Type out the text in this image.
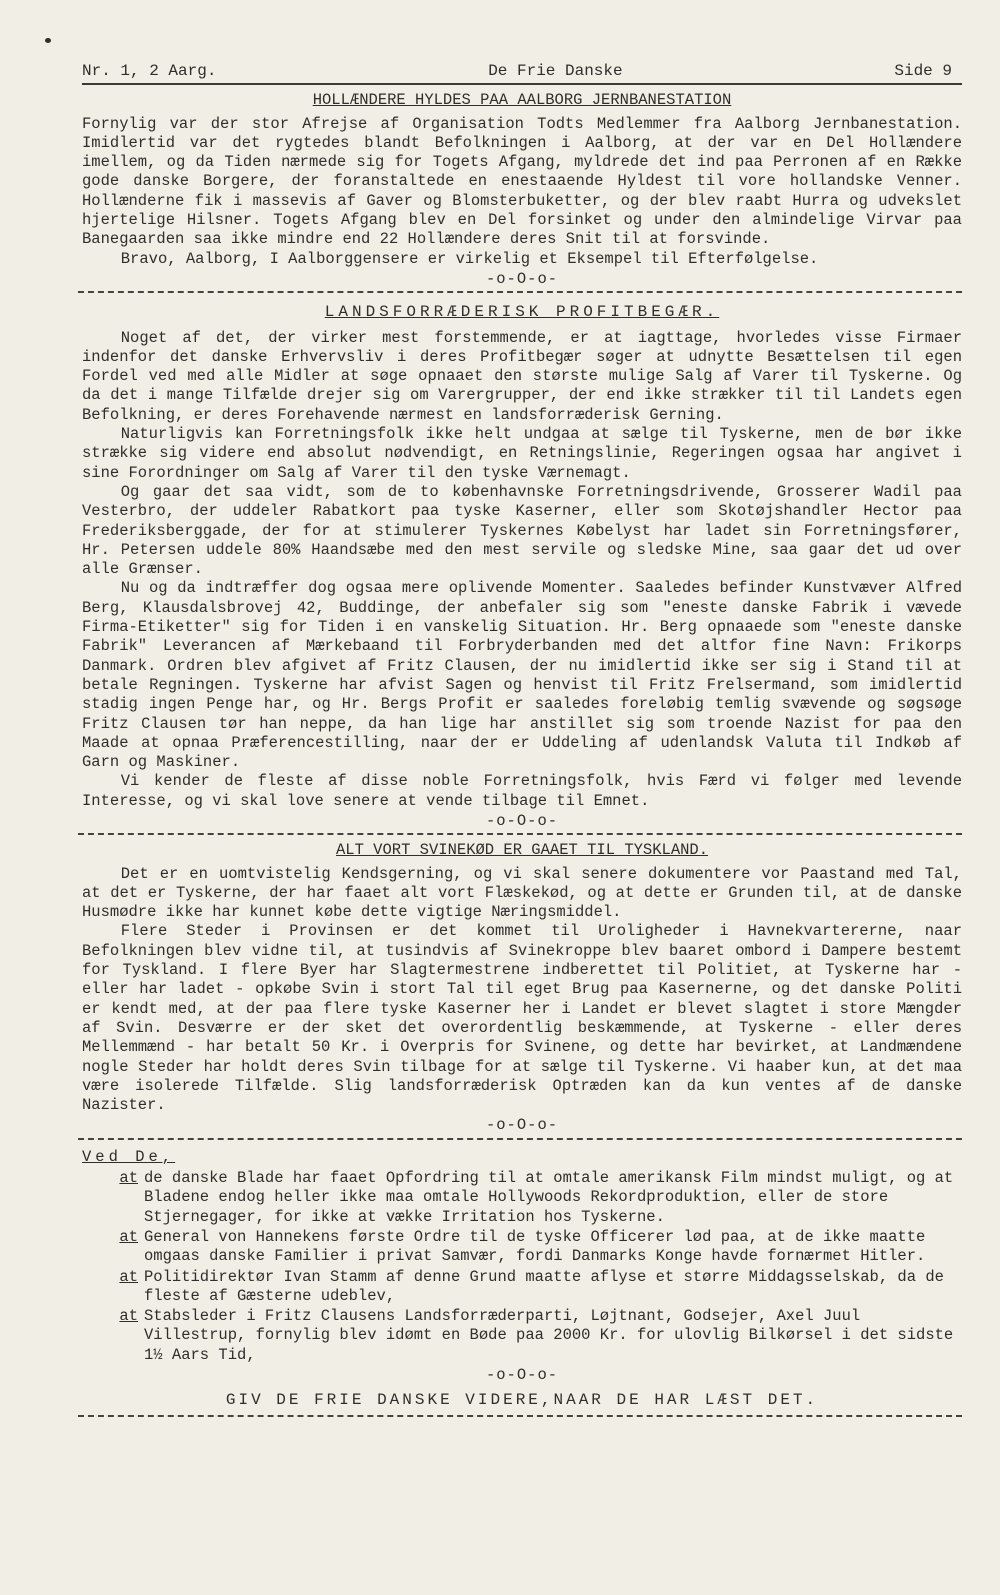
Nr. 1, 2 Aarg.	De Frie Danske	Side 9
HOLLÆNDERE HYLDES PAA AALBORG JERNBANESTATION

Fornylig var der stor Afrejse af Organisation Todts Medlemmer fra Aalborg Jernbanestation. Imidlertid var det rygtedes blandt Befolkningen i Aalborg, at der var en Del Hollændere imellem, og da Tiden nærmede sig for Togets Afgang, myldrede det ind paa Perronen af en Række gode danske Borgere, der foranstaltede en enestaaende Hyldest til vore hollandske Venner. Hollænderne fik i massevis af Gaver og Blomsterbuketter, og der blev raabt Hurra og udvekslet hjertelige Hilsner. Togets Afgang blev en Del forsinket og under den almindelige Virvar paa Banegaarden saa ikke mindre end 22 Hollændere deres Snit til at forsvinde.

Bravo, Aalborg, I Aalborggensere er virkelig et Eksempel til Efterfølgelse.

-o-O-o-
LANDSFORRÆDERISK PROFITBEGÆR.

Noget af det, der virker mest forstemmende, er at iagttage, hvorledes visse Firmaer indenfor det danske Erhvervsliv i deres Profitbegær søger at udnytte Besættelsen til egen Fordel ved med alle Midler at søge opnaaet den største mulige Salg af Varer til Tyskerne. Og da det i mange Tilfælde drejer sig om Varergrupper, der end ikke strækker til til Landets egen Befolkning, er deres Forehavende nærmest en landsforræderisk Gerning.

Naturligvis kan Forretningsfolk ikke helt undgaa at sælge til Tyskerne, men de bør ikke strække sig videre end absolut nødvendigt, en Retningslinie, Regeringen ogsaa har angivet i sine Forordninger om Salg af Varer til den tyske Værnemagt.

Og gaar det saa vidt, som de to københavnske Forretningsdrivende, Grosserer Wadil paa Vesterbro, der uddeler Rabatkort paa tyske Kaserner, eller som Skotøjshandler Hector paa Frederiksberggade, der for at stimulerer Tyskernes Købelyst har ladet sin Forretningsfører, Hr. Petersen uddele 80% Haandsæbe med den mest servile og sledske Mine, saa gaar det ud over alle Grænser.

Nu og da indtræffer dog ogsaa mere oplivende Momenter. Saaledes befinder Kunstvæver Alfred Berg, Klausdalsbrovej 42, Buddinge, der anbefaler sig som "eneste danske Fabrik i vævede Firma-Etiketter" sig for Tiden i en vanskelig Situation. Hr. Berg opnaaede som "eneste danske Fabrik" Leverancen af Mærkebaand til Forbryderbanden med det altfor fine Navn: Frikorps Danmark. Ordren blev afgivet af Fritz Clausen, der nu imidlertid ikke ser sig i Stand til at betale Regningen. Tyskerne har afvist Sagen og henvist til Fritz Frelsermand, som imidlertid stadig ingen Penge har, og Hr. Bergs Profit er saaledes foreløbig temlig svævende og søgsøge Fritz Clausen tør han neppe, da han lige har anstillet sig som troende Nazist for paa den Maade at opnaa Præferencestilling, naar der er Uddeling af udenlandsk Valuta til Indkøb af Garn og Maskiner.

Vi kender de fleste af disse noble Forretningsfolk, hvis Færd vi følger med levende Interesse, og vi skal love senere at vende tilbage til Emnet.

-o-O-o-
ALT VORT SVINEKØD ER GAAET TIL TYSKLAND.

Det er en uomtvistelig Kendsgerning, og vi skal senere dokumentere vor Paastand med Tal, at det er Tyskerne, der har faaet alt vort Flæskekød, og at dette er Grunden til, at de danske Husmødre ikke har kunnet købe dette vigtige Næringsmiddel.

Flere Steder i Provinsen er det kommet til Uroligheder i Havnekvartererne, naar Befolkningen blev vidne til, at tusindvis af Svinekroppe blev baaret ombord i Dampere bestemt for Tyskland. I flere Byer har Slagtermestrene indberettet til Politiet, at Tyskerne har - eller har ladet - opkøbe Svin i stort Tal til eget Brug paa Kasernerne, og det danske Politi er kendt med, at der paa flere tyske Kaserner her i Landet er blevet slagtet i store Mængder af Svin. Desværre er der sket det overordentlig beskæmmende, at Tyskerne - eller deres Mellemmænd - har betalt 50 Kr. i Overpris for Svinene, og dette har bevirket, at Landmændene nogle Steder har holdt deres Svin tilbage for at sælge til Tyskerne. Vi haaber kun, at det maa være isolerede Tilfælde. Slig landsforræderisk Optræden kan da kun ventes af de danske Nazister.

-o-O-o-
Ved De,
at de danske Blade har faaet Opfordring til at omtale amerikansk Film mindst muligt, og at Bladene endog heller ikke maa omtale Hollywoods Rekordproduktion, eller de store Stjernegager, for ikke at vække Irritation hos Tyskerne.
at General von Hannekens første Ordre til de tyske Officerer lød paa, at de ikke maatte omgaas danske Familier i privat Samvær, fordi Danmarks Konge havde fornærmet Hitler.
at Politidirektør Ivan Stamm af denne Grund maatte aflyse et større Middagsselskab, da de fleste af Gæsterne udeblev,
at Stabsleder i Fritz Clausens Landsforræderparti, Løjtnant, Godsejer, Axel Juul Villestrup, fornylig blev idømt en Bøde paa 2000 Kr. for ulovlig Bilkørsel i det sidste 1½ Aars Tid,
-o-O-o-
GIV DE FRIE DANSKE VIDERE,NAAR DE HAR LÆST DET.
